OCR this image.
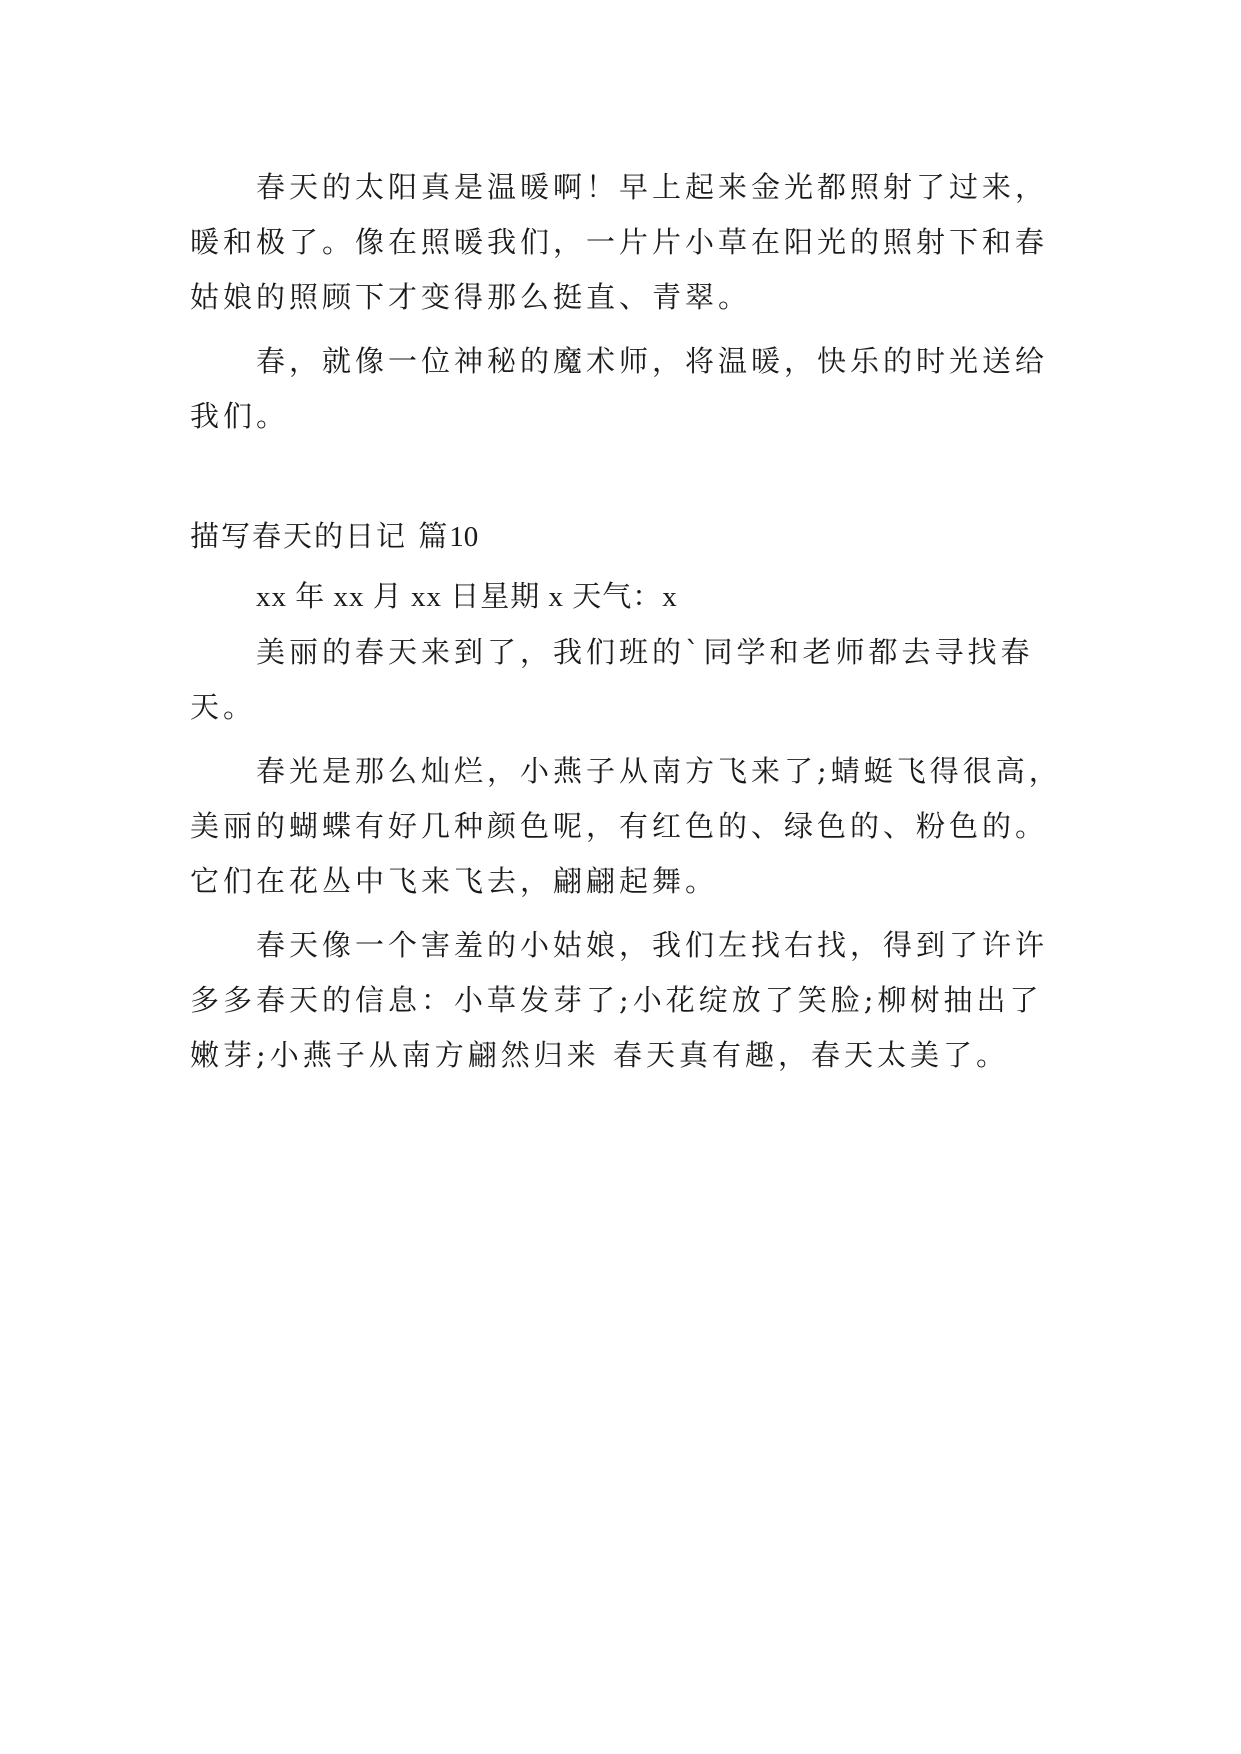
春天的太阳真是温暖啊！早上起来金光都照射了过来，
暖和极了。像在照暖我们，一片片小草在阳光的照射下和春
姑娘的照顾下才变得那么挺直、青翠。
春，就像一位神秘的魔术师，将温暖，快乐的时光送给
我们。
描写春天的日记 篇10
xx 年 xx 月 xx 日星期 x 天气：x
美丽的春天来到了，我们班的`同学和老师都去寻找春
天。
春光是那么灿烂，小燕子从南方飞来了;蜻蜓飞得很高，
美丽的蝴蝶有好几种颜色呢，有红色的、绿色的、粉色的。
它们在花丛中飞来飞去，翩翩起舞。
春天像一个害羞的小姑娘，我们左找右找，得到了许许
多多春天的信息：小草发芽了;小花绽放了笑脸;柳树抽出了
嫩芽;小燕子从南方翩然归来 春天真有趣，春天太美了。
